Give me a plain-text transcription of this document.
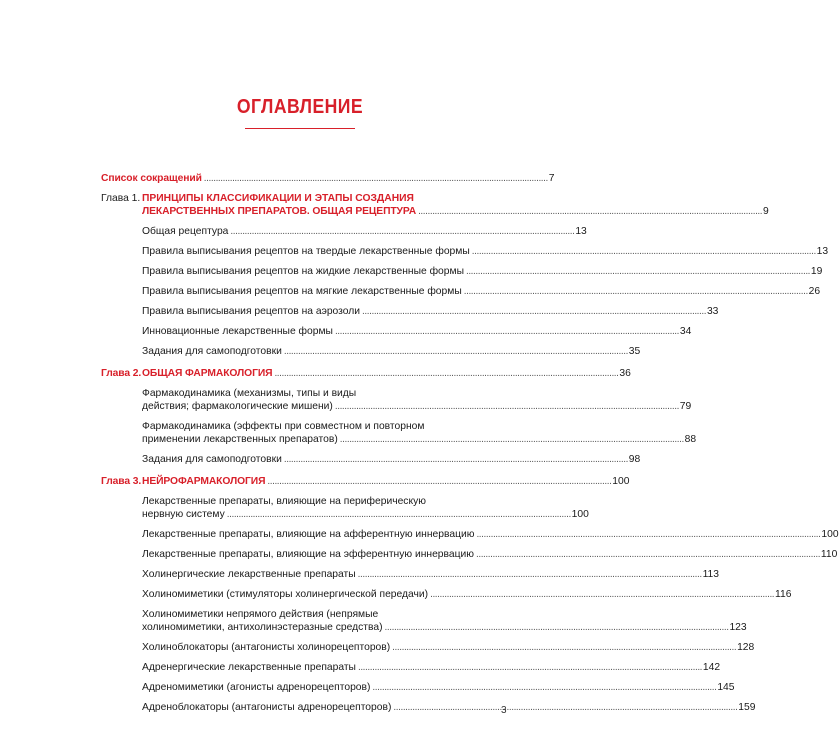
ОГЛАВЛЕНИЕ
Список сокращений . . .	7
Глава 1. ПРИНЦИПЫ КЛАССИФИКАЦИИ И ЭТАПЫ СОЗДАНИЯ
ЛЕКАРСТВЕННЫХ ПРЕПАРАТОВ. ОБЩАЯ РЕЦЕПТУРА . . .	9
Общая рецептура . . .	13
Правила выписывания рецептов на твердые лекарственные формы . . .	13
Правила выписывания рецептов на жидкие лекарственные формы . . .	19
Правила выписывания рецептов на мягкие лекарственные формы . . .	26
Правила выписывания рецептов на аэрозоли . . .	33
Инновационные лекарственные формы . . .	34
Задания для самоподготовки . . .	35
Глава 2. ОБЩАЯ ФАРМАКОЛОГИЯ . . .	36
Фармакодинамика (механизмы, типы и виды
действия; фармакологические мишени) . . .	79
Фармакодинамика (эффекты при совместном и повторном
применении лекарственных препаратов) . . .	88
Задания для самоподготовки . . .	98
Глава 3. НЕЙРОФАРМАКОЛОГИЯ . . .	100
Лекарственные препараты, влияющие на периферическую
нервную систему . . .	100
Лекарственные препараты, влияющие на афферентную иннервацию . . .	100
Лекарственные препараты, влияющие на эфферентную иннервацию . . .	110
Холинергические лекарственные препараты . . .	113
Холиномиметики (стимуляторы холинергической передачи) . . .	116
Холиномиметики непрямого действия (непрямые
холиномиметики, антихолинэстеразные средства) . . .	123
Холиноблокаторы (антагонисты холинорецепторов) . . .	128
Адренергические лекарственные препараты . . .	142
Адреномиметики (агонисты адренорецепторов) . . .	145
Адреноблокаторы (антагонисты адренорецепторов) . . .	159
3
